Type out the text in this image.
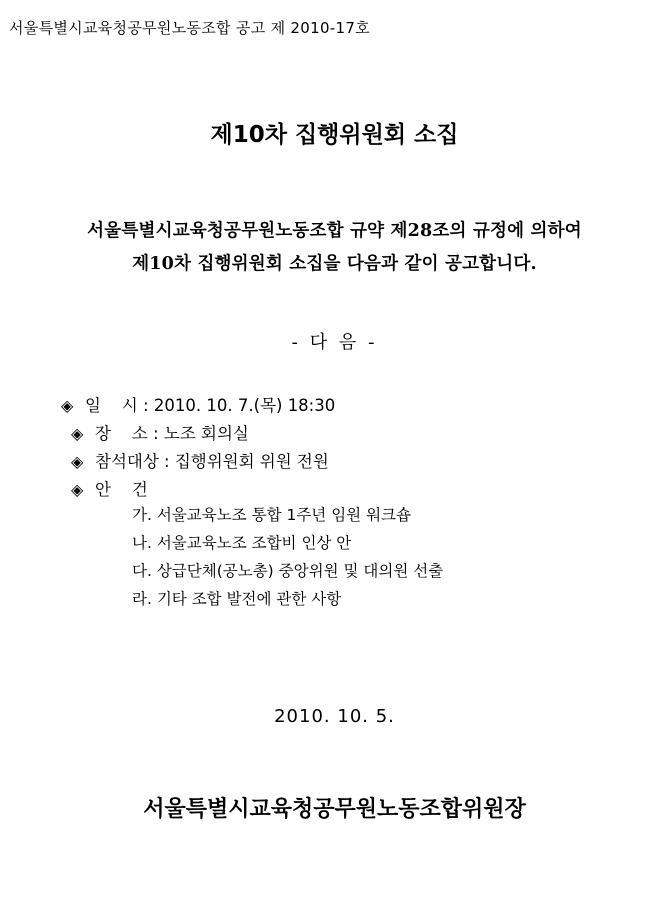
서울특별시교육청공무원노동조합 공고 제 2010-17호
제10차 집행위원회 소집
서울특별시교육청공무원노동조합 규약 제28조의 규정에 의하여
제10차 집행위원회 소집을 다음과 같이 공고합니다.
- 다 음 -
◈ 일    시 : 2010. 10. 7.(목) 18:30
◈ 장    소 : 노조 회의실
◈ 참석대상 : 집행위원회 위원 전원
◈ 안    건
가. 서울교육노조 통합 1주년 임원 워크숍
나. 서울교육노조 조합비 인상 안
다. 상급단체(공노총) 중앙위원 및 대의원 선출
라. 기타 조합 발전에 관한 사항
2010. 10. 5.
서울특별시교육청공무원노동조합위원장
